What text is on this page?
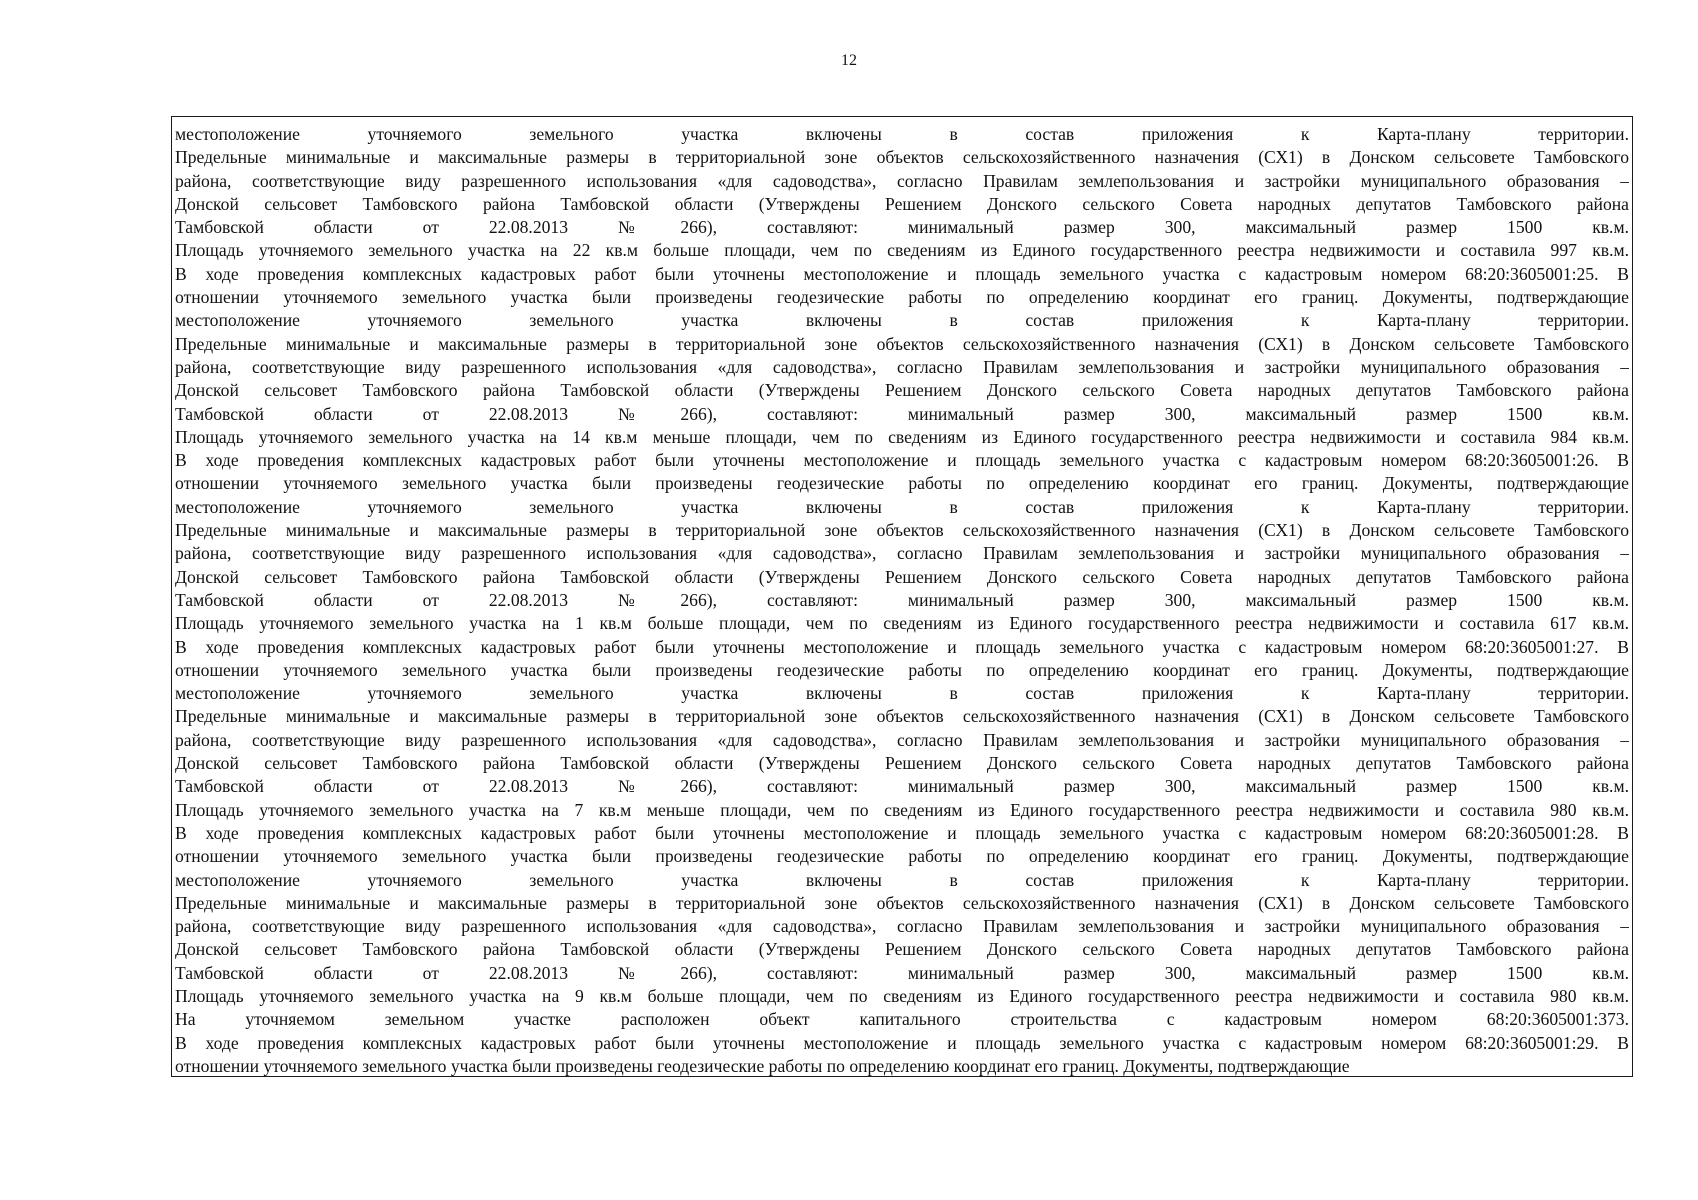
12
местоположение уточняемого земельного участка включены в состав приложения к Карта-плану территории.
Предельные минимальные и максимальные размеры в территориальной зоне объектов сельскохозяйственного назначения (СХ1) в Донском сельсовете Тамбовского
района, соответствующие виду разрешенного использования «для садоводства», согласно Правилам землепользования и застройки муниципального образования –
Донской сельсовет Тамбовского района Тамбовской области (Утверждены Решением Донского сельского Совета народных депутатов Тамбовского района
Тамбовской области от 22.08.2013 №266), составляют: минимальный размер 300, максимальный размер 1500 кв.м.
Площадь уточняемого земельного участка на 22 кв.м больше площади, чем по сведениям из Единого государственного реестра недвижимости и составила 997 кв.м.
В ходе проведения комплексных кадастровых работ были уточнены местоположение и площадь земельного участка с кадастровым номером 68:20:3605001:25. В
отношении уточняемого земельного участка были произведены геодезические работы по определению координат его границ. Документы, подтверждающие
местоположение уточняемого земельного участка включены в состав приложения к Карта-плану территории.
Предельные минимальные и максимальные размеры в территориальной зоне объектов сельскохозяйственного назначения (СХ1) в Донском сельсовете Тамбовского
района, соответствующие виду разрешенного использования «для садоводства», согласно Правилам землепользования и застройки муниципального образования –
Донской сельсовет Тамбовского района Тамбовской области (Утверждены Решением Донского сельского Совета народных депутатов Тамбовского района
Тамбовской области от 22.08.2013 №266), составляют: минимальный размер 300, максимальный размер 1500 кв.м.
Площадь уточняемого земельного участка на 14 кв.м меньше площади, чем по сведениям из Единого государственного реестра недвижимости и составила 984 кв.м.
В ходе проведения комплексных кадастровых работ были уточнены местоположение и площадь земельного участка с кадастровым номером 68:20:3605001:26. В
отношении уточняемого земельного участка были произведены геодезические работы по определению координат его границ. Документы, подтверждающие
местоположение уточняемого земельного участка включены в состав приложения к Карта-плану территории.
Предельные минимальные и максимальные размеры в территориальной зоне объектов сельскохозяйственного назначения (СХ1) в Донском сельсовете Тамбовского
района, соответствующие виду разрешенного использования «для садоводства», согласно Правилам землепользования и застройки муниципального образования –
Донской сельсовет Тамбовского района Тамбовской области (Утверждены Решением Донского сельского Совета народных депутатов Тамбовского района
Тамбовской области от 22.08.2013 №266), составляют: минимальный размер 300, максимальный размер 1500 кв.м.
Площадь уточняемого земельного участка на 1 кв.м больше площади, чем по сведениям из Единого государственного реестра недвижимости и составила 617 кв.м.
В ходе проведения комплексных кадастровых работ были уточнены местоположение и площадь земельного участка с кадастровым номером 68:20:3605001:27. В
отношении уточняемого земельного участка были произведены геодезические работы по определению координат его границ. Документы, подтверждающие
местоположение уточняемого земельного участка включены в состав приложения к Карта-плану территории.
Предельные минимальные и максимальные размеры в территориальной зоне объектов сельскохозяйственного назначения (СХ1) в Донском сельсовете Тамбовского
района, соответствующие виду разрешенного использования «для садоводства», согласно Правилам землепользования и застройки муниципального образования –
Донской сельсовет Тамбовского района Тамбовской области (Утверждены Решением Донского сельского Совета народных депутатов Тамбовского района
Тамбовской области от 22.08.2013 №266), составляют: минимальный размер 300, максимальный размер 1500 кв.м.
Площадь уточняемого земельного участка на 7 кв.м меньше площади, чем по сведениям из Единого государственного реестра недвижимости и составила 980 кв.м.
В ходе проведения комплексных кадастровых работ были уточнены местоположение и площадь земельного участка с кадастровым номером 68:20:3605001:28. В
отношении уточняемого земельного участка были произведены геодезические работы по определению координат его границ. Документы, подтверждающие
местоположение уточняемого земельного участка включены в состав приложения к Карта-плану территории.
Предельные минимальные и максимальные размеры в территориальной зоне объектов сельскохозяйственного назначения (СХ1) в Донском сельсовете Тамбовского
района, соответствующие виду разрешенного использования «для садоводства», согласно Правилам землепользования и застройки муниципального образования –
Донской сельсовет Тамбовского района Тамбовской области (Утверждены Решением Донского сельского Совета народных депутатов Тамбовского района
Тамбовской области от 22.08.2013 №266), составляют: минимальный размер 300, максимальный размер 1500 кв.м.
Площадь уточняемого земельного участка на 9 кв.м больше площади, чем по сведениям из Единого государственного реестра недвижимости и составила 980 кв.м.
На уточняемом земельном участке расположен объект капитального строительства с кадастровым номером 68:20:3605001:373.
В ходе проведения комплексных кадастровых работ были уточнены местоположение и площадь земельного участка с кадастровым номером 68:20:3605001:29. В
отношении уточняемого земельного участка были произведены геодезические работы по определению координат его границ. Документы, подтверждающие
